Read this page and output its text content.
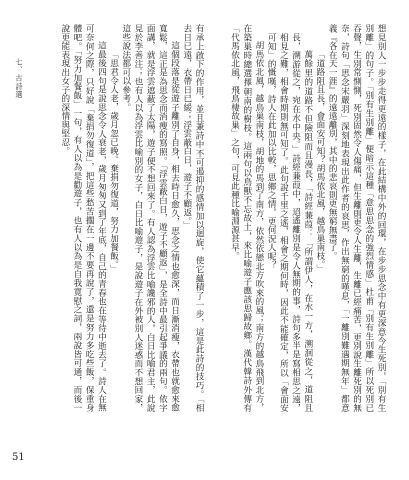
想見別人一步步走得更遠的樣子，在此結構中外的回環，在步步思念中有更深意今生死別，「別有生別離」的句子。「別有生別離」便暗示這種「意思思念的強烈情感」杜甫「別有生別離」所以死別已吞聲，生別常惻惻，死別固然令人傷痛，但生離則更令人生離，生離已經痛苦，更別說生離死別的無奈，詩句「思念宋嚴羽」深刻地表現出此作者的哀思，作出無窮的嘆息，「一離別難遇期無年」都意義『各在天一涯』的遠遠離別，其中的悲哀則更無窮無盡了。

「道路阻且長，會面安可知？胡馬依北風，越鳥巢南枝。」

萬餘里的道路不但險阻而且漫長，「詩經蒹葭：「所謂伊人，在水一方，溯洄從之，道阻且長，溯游從之，宛在水中央。」詩經蒹葭中，迢遙離別是令人無期的事，詩句多半是寫相思之遠，相見之難，相會時期則無可知了。此句說千里之遙，相會之期何時，因此不能確定，所以「會面安可知」的慨嘆，詩人在此加以比較，思鄉之情，更何況人呢？

胡馬依北風，越鳥巢南枝，胡地的馬到了南方，依然依戀北方吹來的風；南方的越鳥飛到北方，在築巢時總選擇朝南的樹枝。這兩句以鳥獸不忘故土，來比喻遊子應該思歸故鄉。漢代韓詩外傳有「代馬依北風，飛鳥棲故巢」之句，可見此種比喻淵源甚早。

有承上啟下的作用，並且兼詩中不可遏抑的感情加以迴旋，使它蘊積了一步，這是此詩的技巧。「相去日已遠，衣帶日已緩；浮雲蔽白日，遊子不顧返。」

這個段落是從遊子離別了自身，相去時日愈久，思念之情也愈深，而日漸消瘦，衣帶也就愈來愈寬鬆，這正是為思念而消瘦的寫照。「浮雲蔽白日，遊子不顧返」，是全詩中最引起爭議的兩句。依字面講，就是浮雲遮蔽了太陽，遊子便不想回來了。有人認為浮雲比喻讒邪的人，白日比喻君主，此說見於李善注；也有人以為浮雲比喻別的女子，白日比喻遊子，是說遊子在外被別人迷惑而不想回家，這些說法都可以參考。

「思君令人老，歲月忽已晚。棄捐勿復道，努力加餐飯。」

這最後四句是說思念令人衰老，歲月匆匆又到了年底，自己的青春也在等待中逝去了。詩人在無可奈何之際，只好說「棄捐勿復道」，把這些愁苦擱在一邊不要再說了，還是努力多吃些飯，保重身體吧。「努力加餐飯」一句，有人以為是勸遊子，也有人以為是自我寬慰之詞，兩說皆可通，而後一說更能表現出女子的深情與堅忍。

七、古詩選
51
